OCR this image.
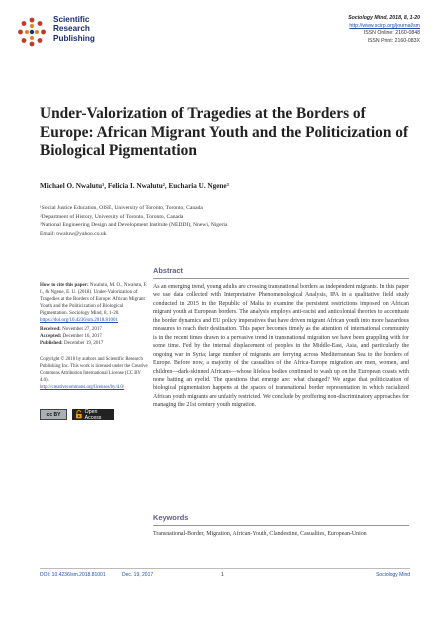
Scientific
Research
Publishing
Sociology Mind, 2018, 8, 1-20
http://www.scirp.org/journal/sm
ISSN Online: 2160-0848
ISSN Print: 2160-083X
Under-Valorization of Tragedies at the Borders of Europe: African Migrant Youth and the Politicization of Biological Pigmentation
Michael O. Nwalutu¹, Felicia I. Nwalutu², Eucharia U. Ngene³
¹Social Justice Education, OISE, University of Toronto, Toronto, Canada
²Department of History, University of Toronto, Toronto, Canada
³National Engineering Design and Development Institute (NEDDI), Nnewi, Nigeria
Email: nwaluw@yahoo.co.uk
How to cite this paper: Nwalutu, M. O., Nwalutu, F. I., & Ngene, E. U. (2018). Under-Valorization of Tragedies at the Borders of Europe: African Migrant Youth and the Politicization of Biological Pigmentation. Sociology Mind, 8, 1-20.
https://doi.org/10.4236/sm.2018.81001
Received: November 27, 2017
Accepted: December 16, 2017
Published: December 19, 2017
Copyright © 2018 by authors and Scientific Research Publishing Inc. This work is licensed under the Creative Commons Attribution International License (CC BY 4.0).
http://creativecommons.org/licenses/by/4.0/
cc BY	Open Access
Abstract
As an emerging trend, young adults are crossing transnational borders as independent migrants. In this paper we use data collected with Interpretative Phenomenological Analysis, IPA in a qualitative field study conducted in 2015 in the Republic of Malta to examine the persistent restrictions imposed on African migrant youth at European borders. The analysis employs anti-racist and anticolonial theories to accentuate the border dynamics and EU policy imperatives that have driven migrant African youth into more hazardous measures to reach their destination. This paper becomes timely as the attention of international community is in the recent times drawn to a pervasive trend in transnational migration we have been grappling with for some time. Fed by the internal displacement of peoples in the Middle-East, Asia, and particularly the ongoing war in Syria; large number of migrants are ferrying across Mediterranean Sea to the borders of Europe. Before now, a majority of the casualties of the Africa-Europe migration are men, women, and children—dark-skinned Africans—whose lifeless bodies continued to wash up on the European coasts with none batting an eyelid. The questions that emerge are: what changed? We argue that politicization of biological pigmentation happens at the spaces of transnational border representation in which racialized African youth migrants are unfairly restricted. We conclude by proffering non-discriminatory approaches for managing the 21st century youth migration.
Keywords
Transnational-Border, Migration, African-Youth, Clandestine, Casualties, European-Union
DOI: 10.4236/sm.2018.81001	Dec. 19, 2017	1	Sociology Mind
